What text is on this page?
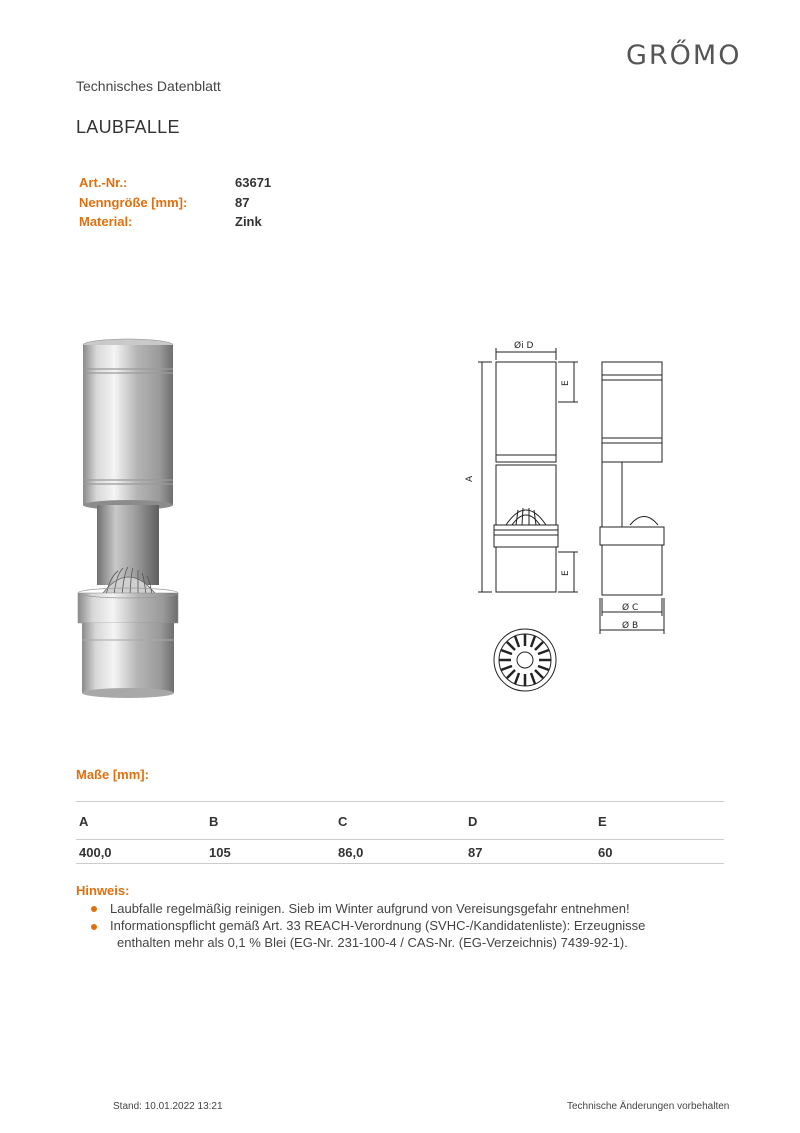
GRŐMO
Technisches Datenblatt
LAUBFALLE
Art.-Nr.:	63671
Nenngröße [mm]:	87
Material:	Zink
Øi D
A
E
E
Ø C
Ø B
Maße [mm]:
A	B	C	D	E
400,0	105	86,0	87	60
Hinweis:
Laubfalle regelmäßig reinigen. Sieb im Winter aufgrund von Vereisungsgefahr entnehmen!
Informationspflicht gemäß Art. 33 REACH-Verordnung (SVHC-/Kandidatenliste): Erzeugnisse
enthalten mehr als 0,1 % Blei (EG-Nr. 231-100-4 / CAS-Nr. (EG-Verzeichnis) 7439-92-1).
Stand: 10.01.2022 13:21	Technische Änderungen vorbehalten
